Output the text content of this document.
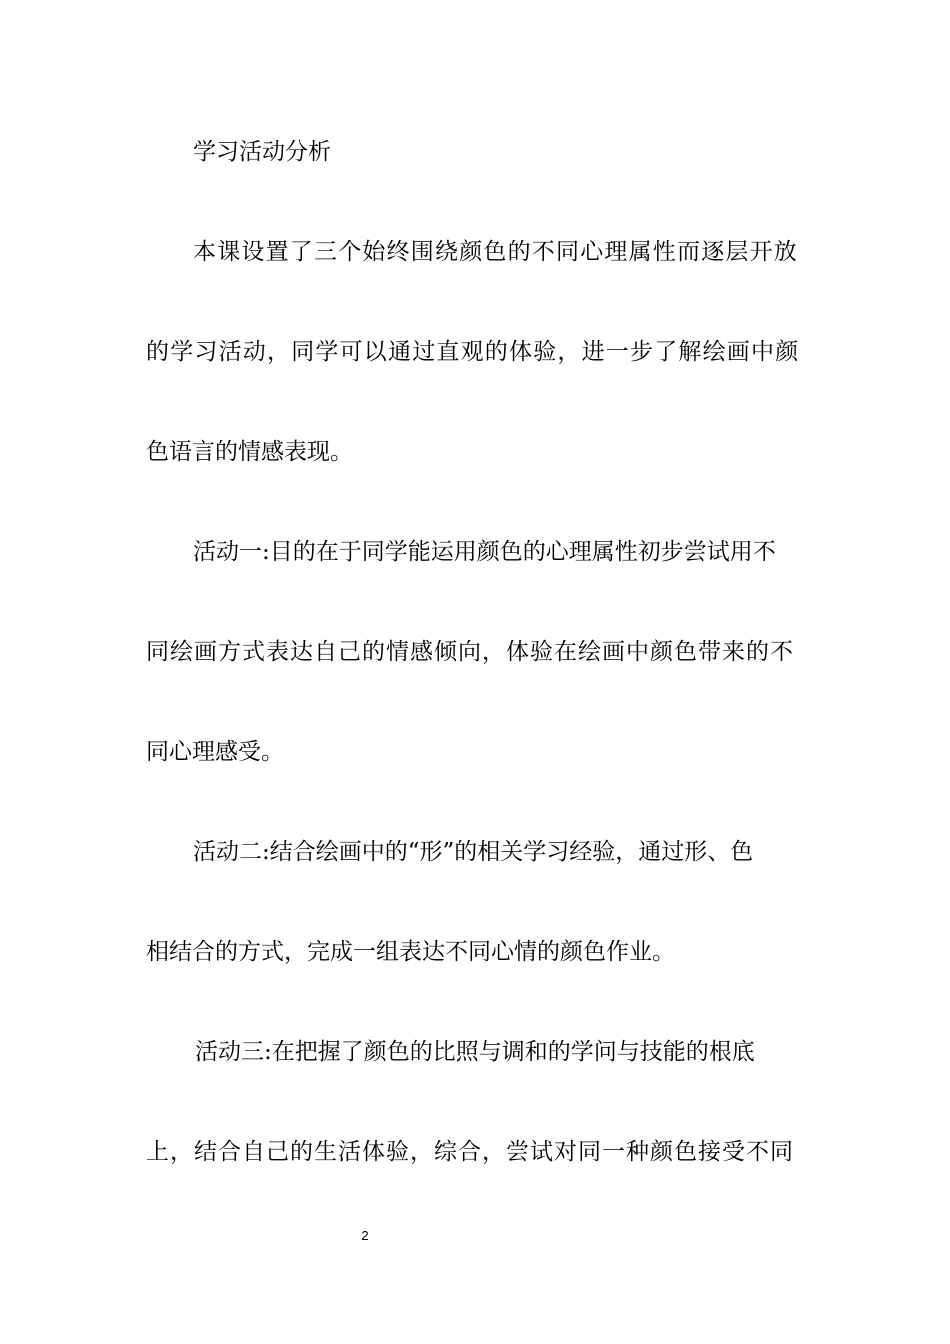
学习活动分析

本课设置了三个始终围绕颜色的不同心理属性而逐层开放

的学习活动，同学可以通过直观的体验，进一步了解绘画中颜

色语言的情感表现。

活动一:目的在于同学能运用颜色的心理属性初步尝试用不

同绘画方式表达自己的情感倾向，体验在绘画中颜色带来的不

同心理感受。

活动二:结合绘画中的“形”的相关学习经验，通过形、色

相结合的方式，完成一组表达不同心情的颜色作业。

活动三:在把握了颜色的比照与调和的学问与技能的根底

上，结合自己的生活体验，综合，尝试对同一种颜色接受不同

2
